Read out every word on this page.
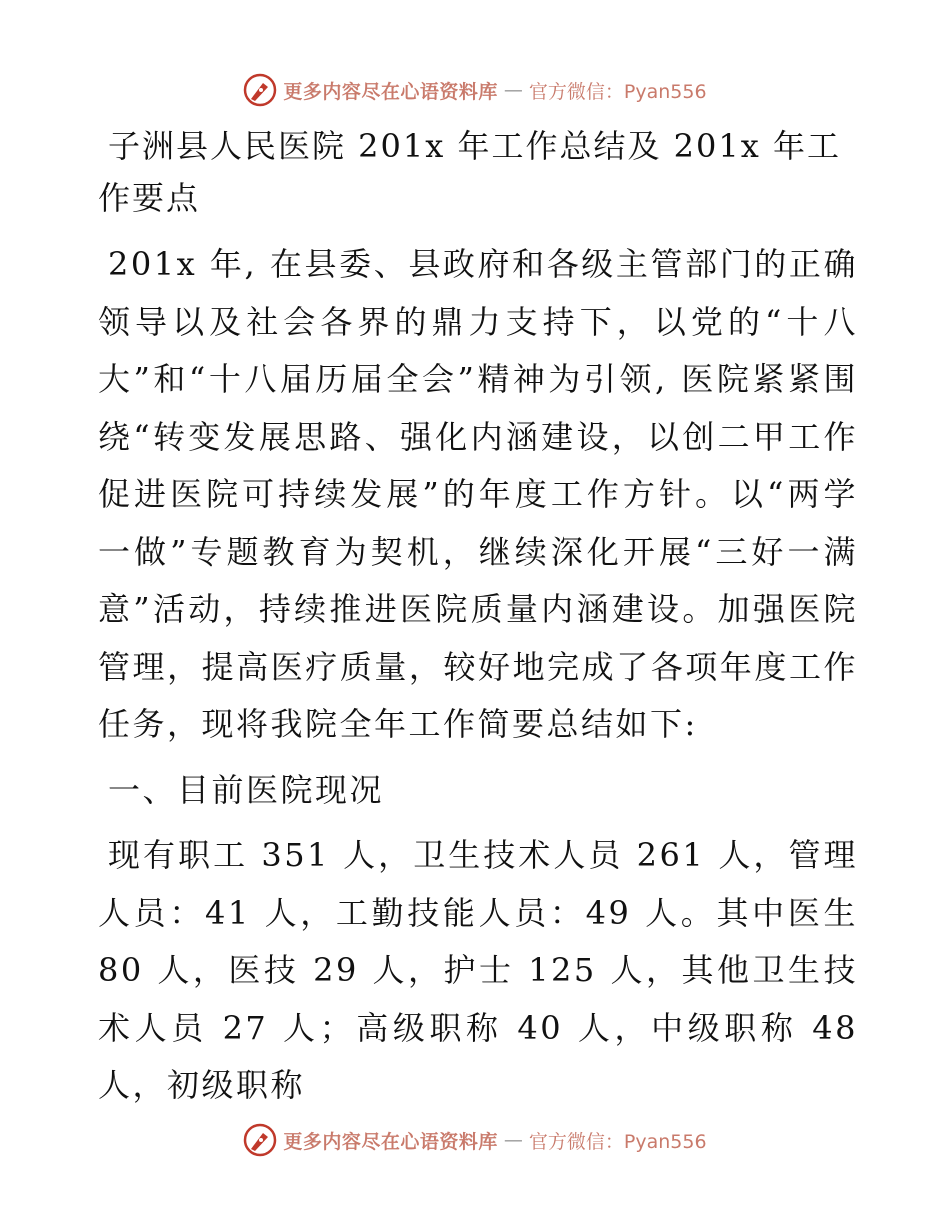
更多内容尽在心语资料库 — 官方微信：Pyan556
子洲县人民医院 201x 年工作总结及 201x 年工作要点

201x 年, 在县委、县政府和各级主管部门的正确领导以及社会各界的鼎力支持下，以党的“十八大”和“十八届历届全会”精神为引领, 医院紧紧围绕“转变发展思路、强化内涵建设，以创二甲工作促进医院可持续发展”的年度工作方针。以“两学一做”专题教育为契机，继续深化开展“三好一满意”活动，持续推进医院质量内涵建设。加强医院管理，提高医疗质量，较好地完成了各项年度工作任务，现将我院全年工作简要总结如下:

一、目前医院现况

现有职工 351 人，卫生技术人员 261 人，管理人员：41 人，工勤技能人员：49 人。其中医生 80 人，医技 29 人，护士 125 人，其他卫生技术人员 27 人；高级职称 40 人，中级职称 48 人，初级职称

更多内容尽在心语资料库 — 官方微信：Pyan556
